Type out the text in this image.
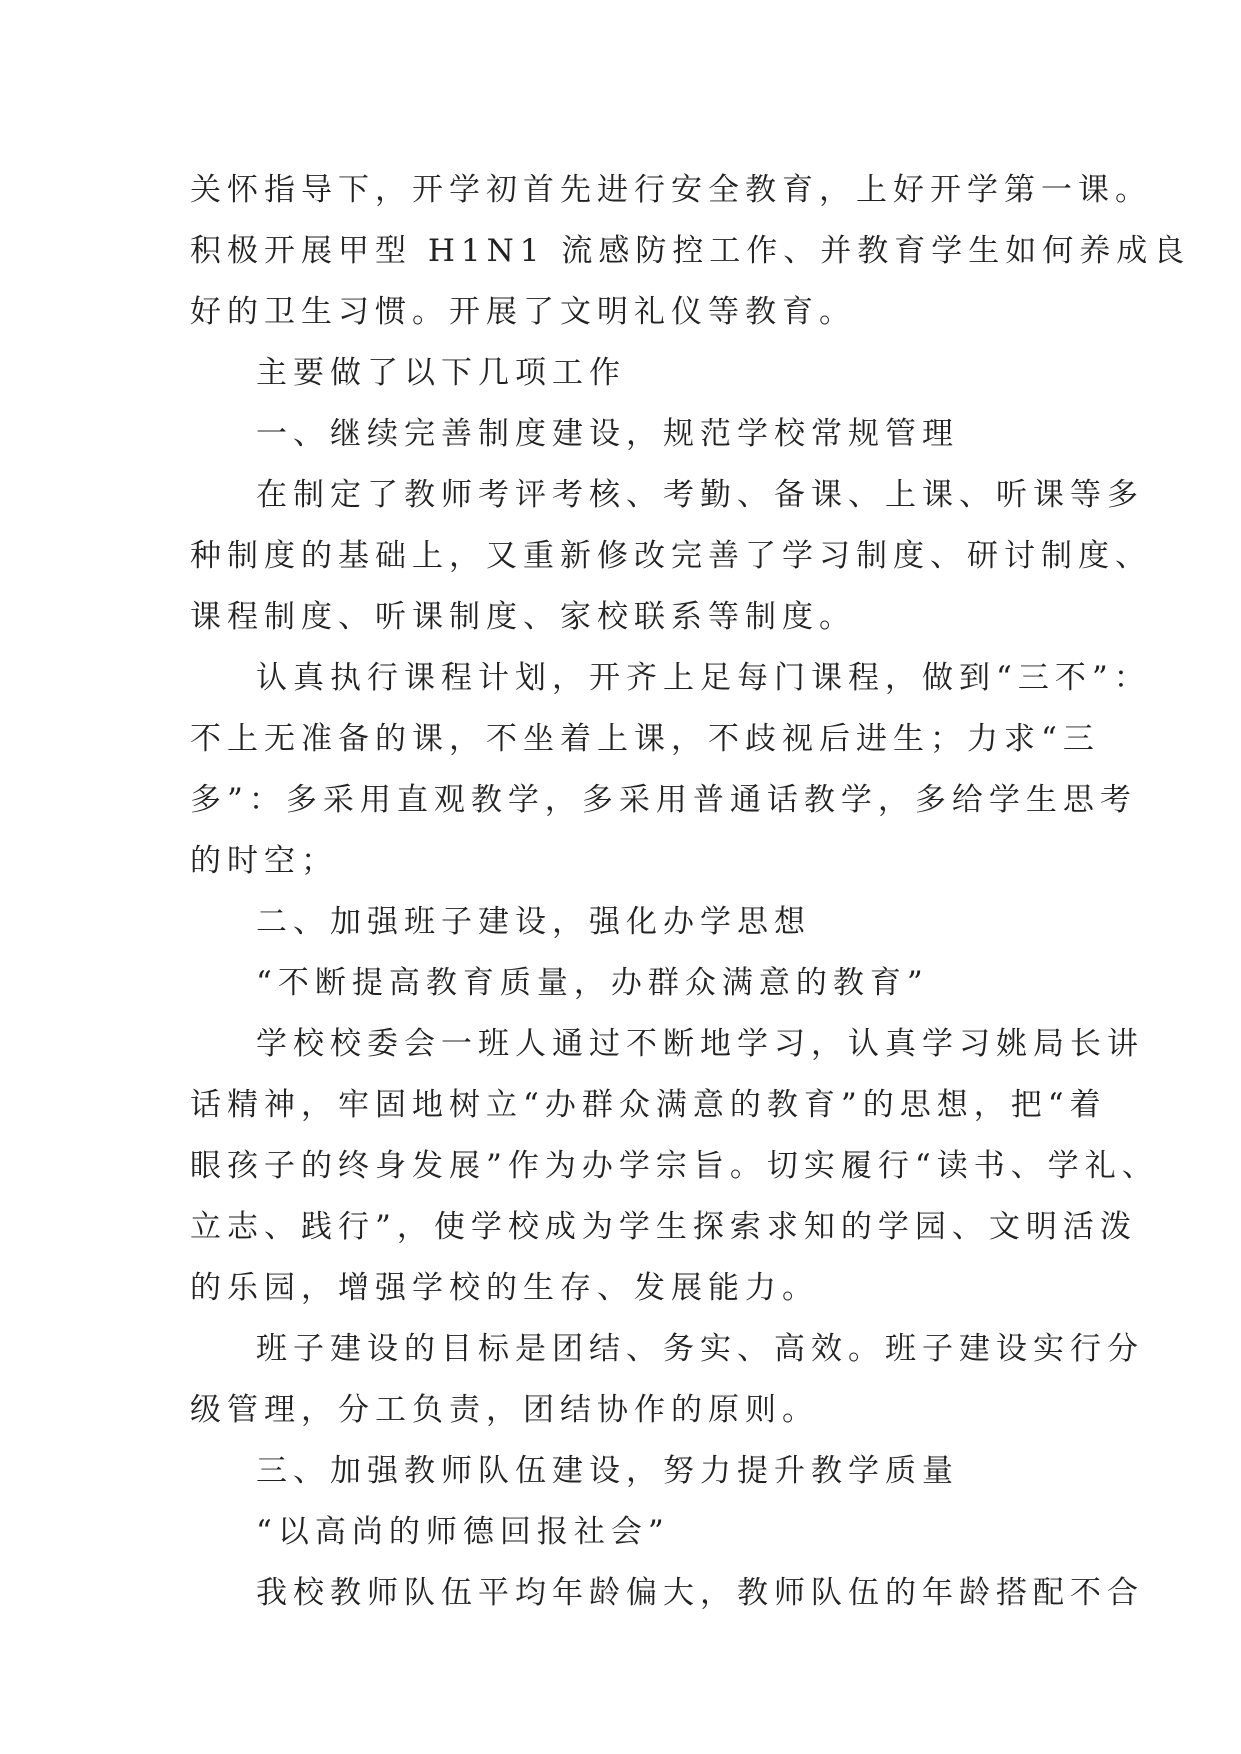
关怀指导下，开学初首先进行安全教育，上好开学第一课。
积极开展甲型 H1N1 流感防控工作、并教育学生如何养成良
好的卫生习惯。开展了文明礼仪等教育。

主要做了以下几项工作

一、继续完善制度建设，规范学校常规管理

在制定了教师考评考核、考勤、备课、上课、听课等多
种制度的基础上，又重新修改完善了学习制度、研讨制度、
课程制度、听课制度、家校联系等制度。

认真执行课程计划，开齐上足每门课程，做到“三不”：
不上无准备的课，不坐着上课，不歧视后进生；力求“三
多”：多采用直观教学，多采用普通话教学，多给学生思考
的时空；

二、加强班子建设，强化办学思想

“不断提高教育质量，办群众满意的教育”

学校校委会一班人通过不断地学习，认真学习姚局长讲
话精神，牢固地树立“办群众满意的教育”的思想，把“着
眼孩子的终身发展”作为办学宗旨。切实履行“读书、学礼、
立志、践行”，使学校成为学生探索求知的学园、文明活泼
的乐园，增强学校的生存、发展能力。

班子建设的目标是团结、务实、高效。班子建设实行分
级管理，分工负责，团结协作的原则。

三、加强教师队伍建设，努力提升教学质量

“以高尚的师德回报社会”

我校教师队伍平均年龄偏大，教师队伍的年龄搭配不合
